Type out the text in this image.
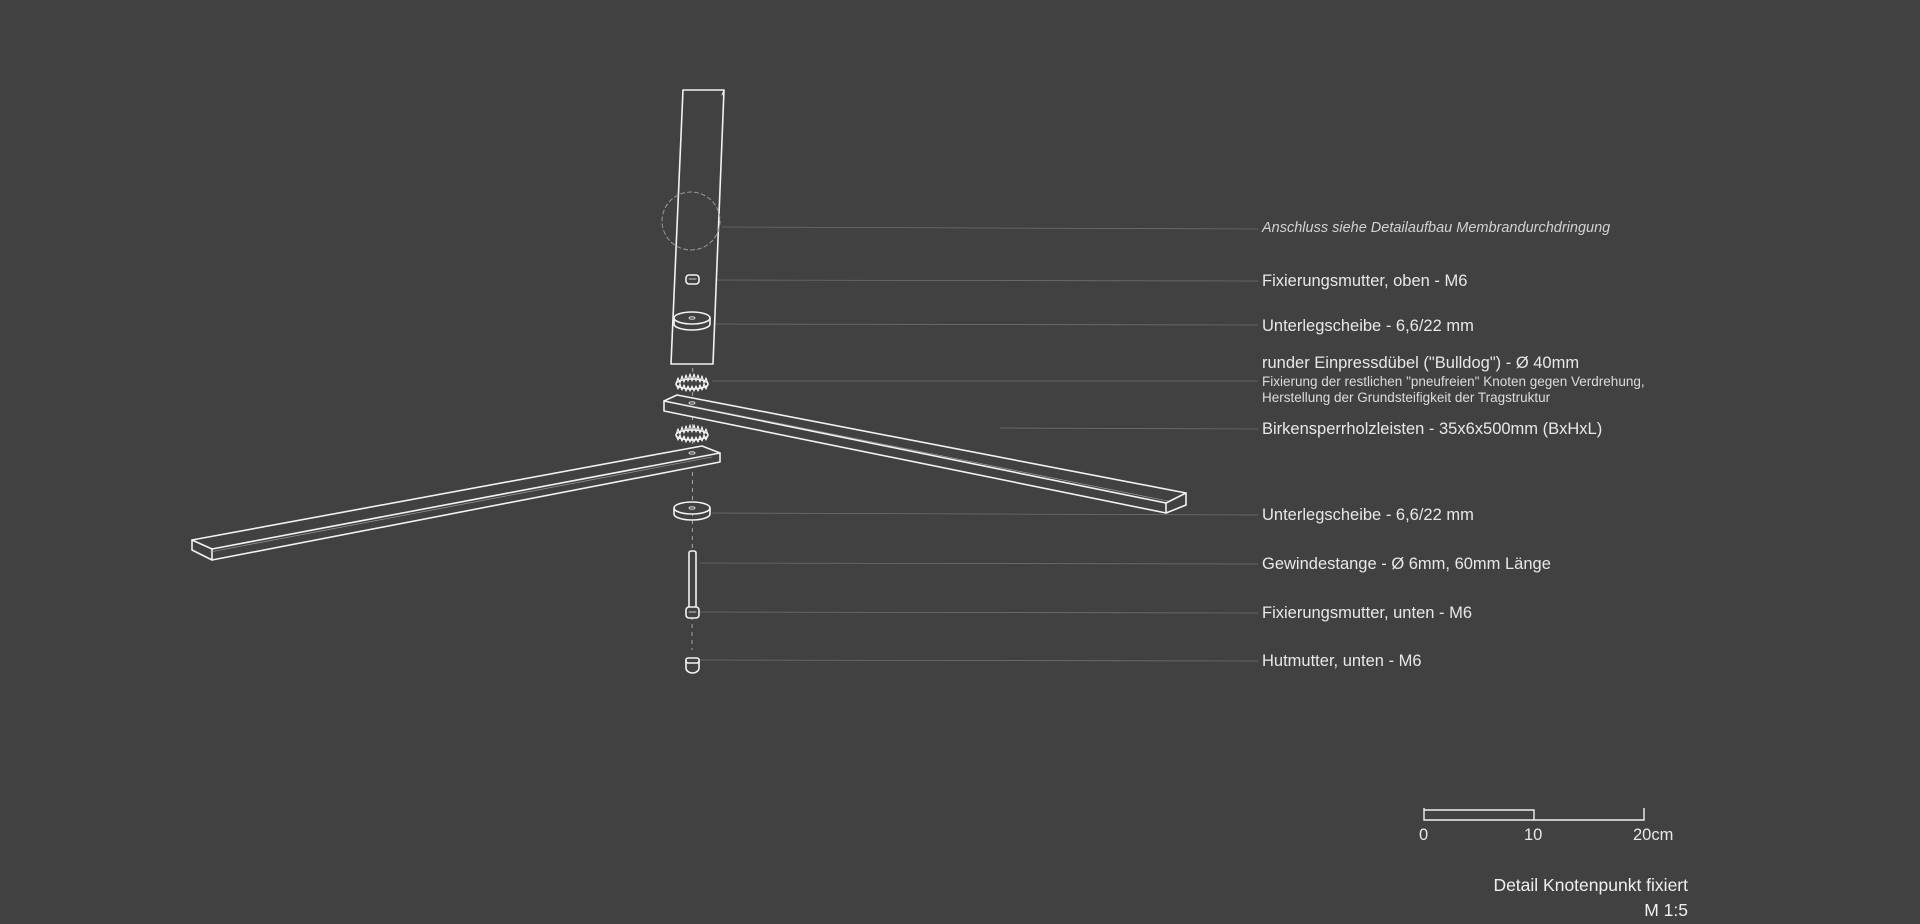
Anschluss siehe Detailaufbau Membrandurchdringung
Fixierungsmutter, oben - M6
Unterlegscheibe - 6,6/22 mm
runder Einpressdübel ("Bulldog") - Ø 40mm
Fixierung der restlichen "pneufreien" Knoten gegen Verdrehung,
Herstellung der Grundsteifigkeit der Tragstruktur
Birkensperrholzleisten - 35x6x500mm (BxHxL)
Unterlegscheibe - 6,6/22 mm
Gewindestange - Ø 6mm, 60mm Länge
Fixierungsmutter, unten - M6
Hutmutter, unten - M6
0	10	20cm
Detail Knotenpunkt fixiert
M 1:5
